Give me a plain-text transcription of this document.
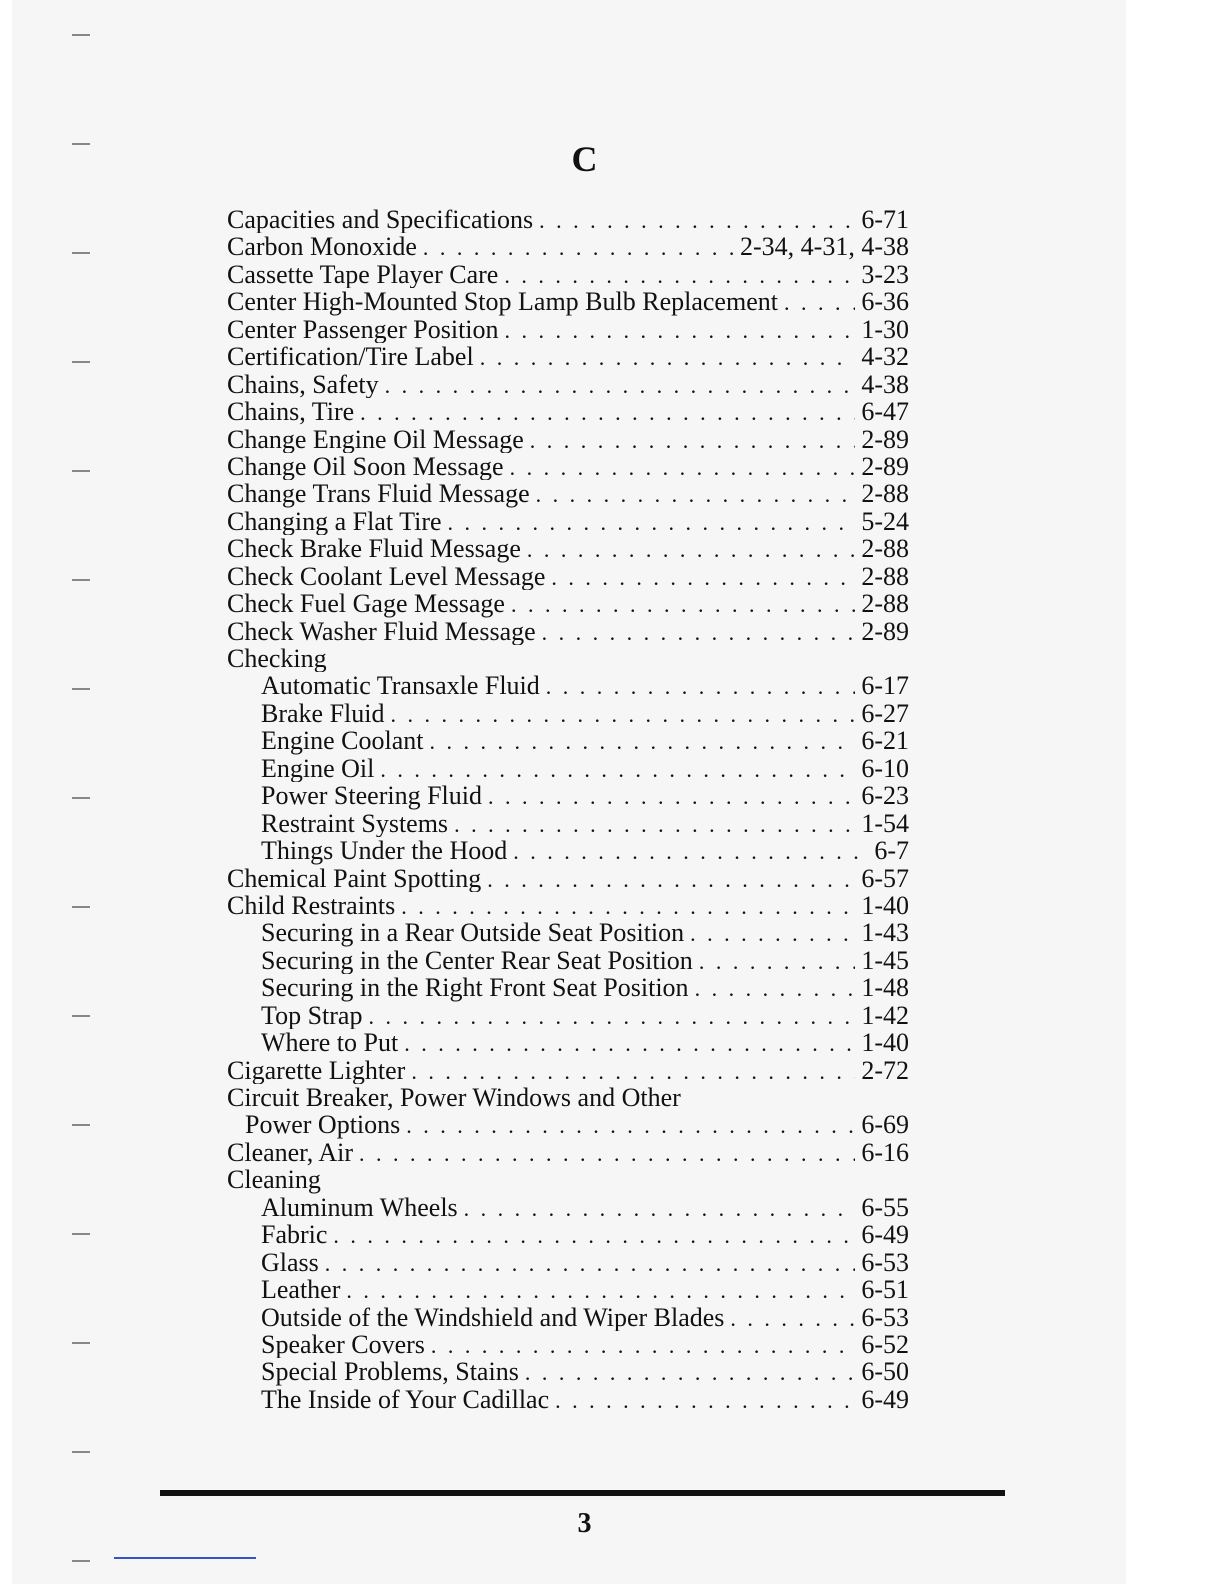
C
Capacities and Specifications . . .	6-71
Carbon Monoxide . . .	2-34, 4-31, 4-38
Cassette Tape Player Care . . .	3-23
Center High-Mounted Stop Lamp Bulb Replacement . . .	6-36
Center Passenger Position . . .	1-30
Certification/Tire Label . . .	4-32
Chains, Safety . . .	4-38
Chains, Tire . . .	6-47
Change Engine Oil Message . . .	2-89
Change Oil Soon Message . . .	2-89
Change Trans Fluid Message . . .	2-88
Changing a Flat Tire . . .	5-24
Check Brake Fluid Message . . .	2-88
Check Coolant Level Message . . .	2-88
Check Fuel Gage Message . . .	2-88
Check Washer Fluid Message . . .	2-89
Checking
Automatic Transaxle Fluid . . .	6-17
Brake Fluid . . .	6-27
Engine Coolant . . .	6-21
Engine Oil . . .	6-10
Power Steering Fluid . . .	6-23
Restraint Systems . . .	1-54
Things Under the Hood . . .	6-7
Chemical Paint Spotting . . .	6-57
Child Restraints . . .	1-40
Securing in a Rear Outside Seat Position . . .	1-43
Securing in the Center Rear Seat Position . . .	1-45
Securing in the Right Front Seat Position . . .	1-48
Top Strap . . .	1-42
Where to Put . . .	1-40
Cigarette Lighter . . .	2-72
Circuit Breaker, Power Windows and Other
Power Options . . .	6-69
Cleaner, Air . . .	6-16
Cleaning
Aluminum Wheels . . .	6-55
Fabric . . .	6-49
Glass . . .	6-53
Leather . . .	6-51
Outside of the Windshield and Wiper Blades . . .	6-53
Speaker Covers . . .	6-52
Special Problems, Stains . . .	6-50
The Inside of Your Cadillac . . .	6-49
3
